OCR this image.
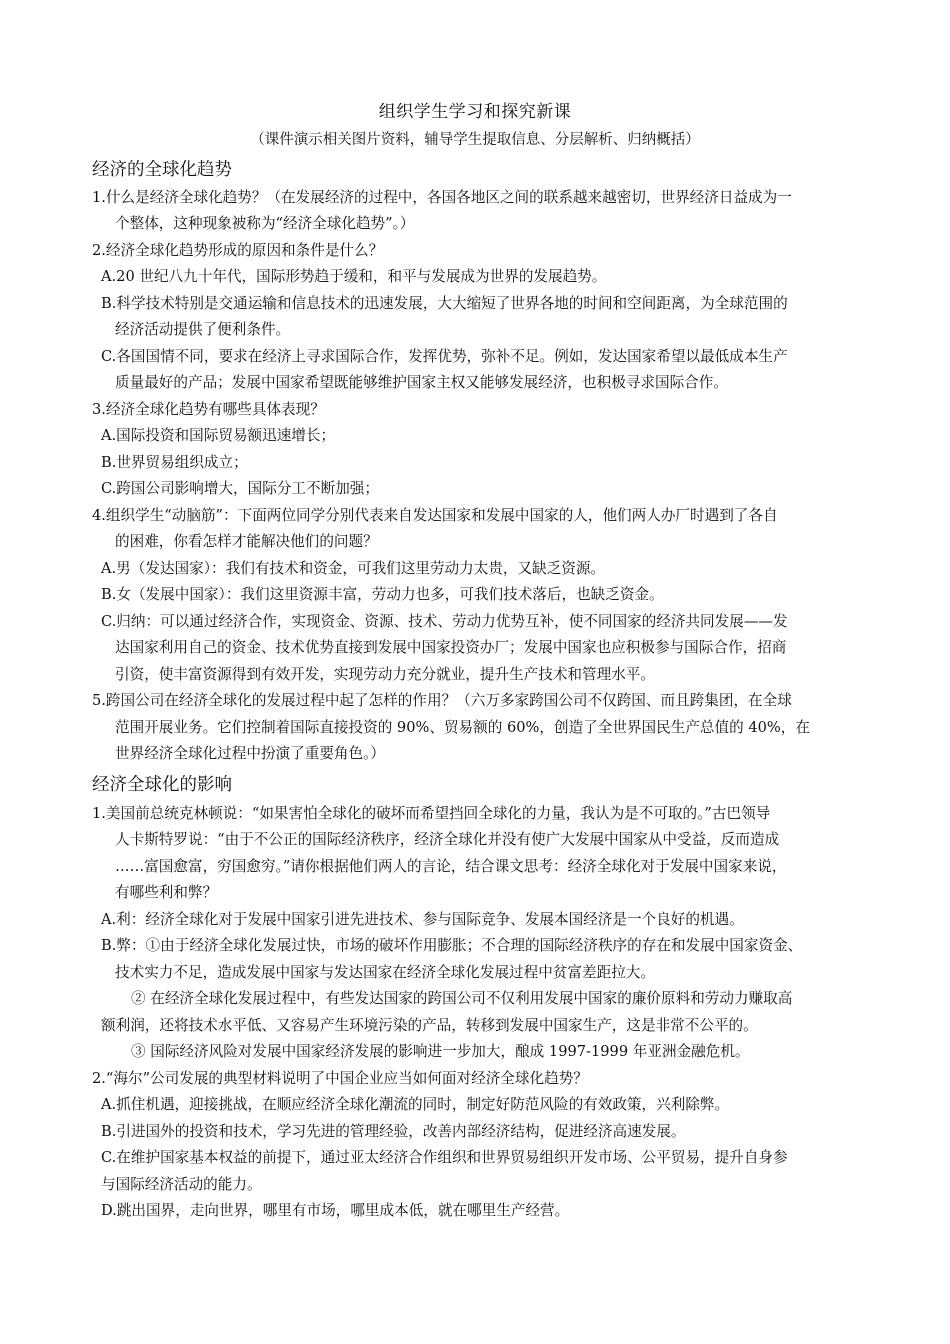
组织学生学习和探究新课
（课件演示相关图片资料，辅导学生提取信息、分层解析、归纳概括）
经济的全球化趋势
1.什么是经济全球化趋势？（在发展经济的过程中，各国各地区之间的联系越来越密切，世界经济日益成为一
个整体，这种现象被称为“经济全球化趋势”。）
2.经济全球化趋势形成的原因和条件是什么？
A.20 世纪八九十年代，国际形势趋于缓和，和平与发展成为世界的发展趋势。
B.科学技术特别是交通运输和信息技术的迅速发展，大大缩短了世界各地的时间和空间距离，为全球范围的
经济活动提供了便利条件。
C.各国国情不同，要求在经济上寻求国际合作，发挥优势，弥补不足。例如，发达国家希望以最低成本生产
质量最好的产品；发展中国家希望既能够维护国家主权又能够发展经济，也积极寻求国际合作。
3.经济全球化趋势有哪些具体表现？
A.国际投资和国际贸易额迅速增长；
B.世界贸易组织成立；
C.跨国公司影响增大，国际分工不断加强；
4.组织学生“动脑筋”：下面两位同学分别代表来自发达国家和发展中国家的人，他们两人办厂时遇到了各自
的困难，你看怎样才能解决他们的问题？
A.男（发达国家）：我们有技术和资金，可我们这里劳动力太贵，又缺乏资源。
B.女（发展中国家）：我们这里资源丰富，劳动力也多，可我们技术落后，也缺乏资金。
C.归纳：可以通过经济合作，实现资金、资源、技术、劳动力优势互补，使不同国家的经济共同发展——发
达国家利用自己的资金、技术优势直接到发展中国家投资办厂；发展中国家也应积极参与国际合作，招商
引资，使丰富资源得到有效开发，实现劳动力充分就业，提升生产技术和管理水平。
5.跨国公司在经济全球化的发展过程中起了怎样的作用？（六万多家跨国公司不仅跨国、而且跨集团，在全球
范围开展业务。它们控制着国际直接投资的 90%、贸易额的 60%，创造了全世界国民生产总值的 40%，在
世界经济全球化过程中扮演了重要角色。）
经济全球化的影响
1.美国前总统克林顿说：“如果害怕全球化的破坏而希望挡回全球化的力量，我认为是不可取的。”古巴领导
人卡斯特罗说：“由于不公正的国际经济秩序，经济全球化并没有使广大发展中国家从中受益，反而造成
……富国愈富，穷国愈穷。”请你根据他们两人的言论，结合课文思考：经济全球化对于发展中国家来说，
有哪些利和弊？
A.利：经济全球化对于发展中国家引进先进技术、参与国际竞争、发展本国经济是一个良好的机遇。
B.弊：①由于经济全球化发展过快，市场的破坏作用膨胀；不合理的国际经济秩序的存在和发展中国家资金、
技术实力不足，造成发展中国家与发达国家在经济全球化发展过程中贫富差距拉大。
② 在经济全球化发展过程中，有些发达国家的跨国公司不仅利用发展中国家的廉价原料和劳动力赚取高
额利润，还将技术水平低、又容易产生环境污染的产品，转移到发展中国家生产，这是非常不公平的。
③ 国际经济风险对发展中国家经济发展的影响进一步加大，酿成 1997-1999 年亚洲金融危机。
2.“海尔”公司发展的典型材料说明了中国企业应当如何面对经济全球化趋势？
A.抓住机遇，迎接挑战，在顺应经济全球化潮流的同时，制定好防范风险的有效政策，兴利除弊。
B.引进国外的投资和技术，学习先进的管理经验，改善内部经济结构，促进经济高速发展。
C.在维护国家基本权益的前提下，通过亚太经济合作组织和世界贸易组织开发市场、公平贸易，提升自身参
与国际经济活动的能力。
D.跳出国界，走向世界，哪里有市场，哪里成本低，就在哪里生产经营。
